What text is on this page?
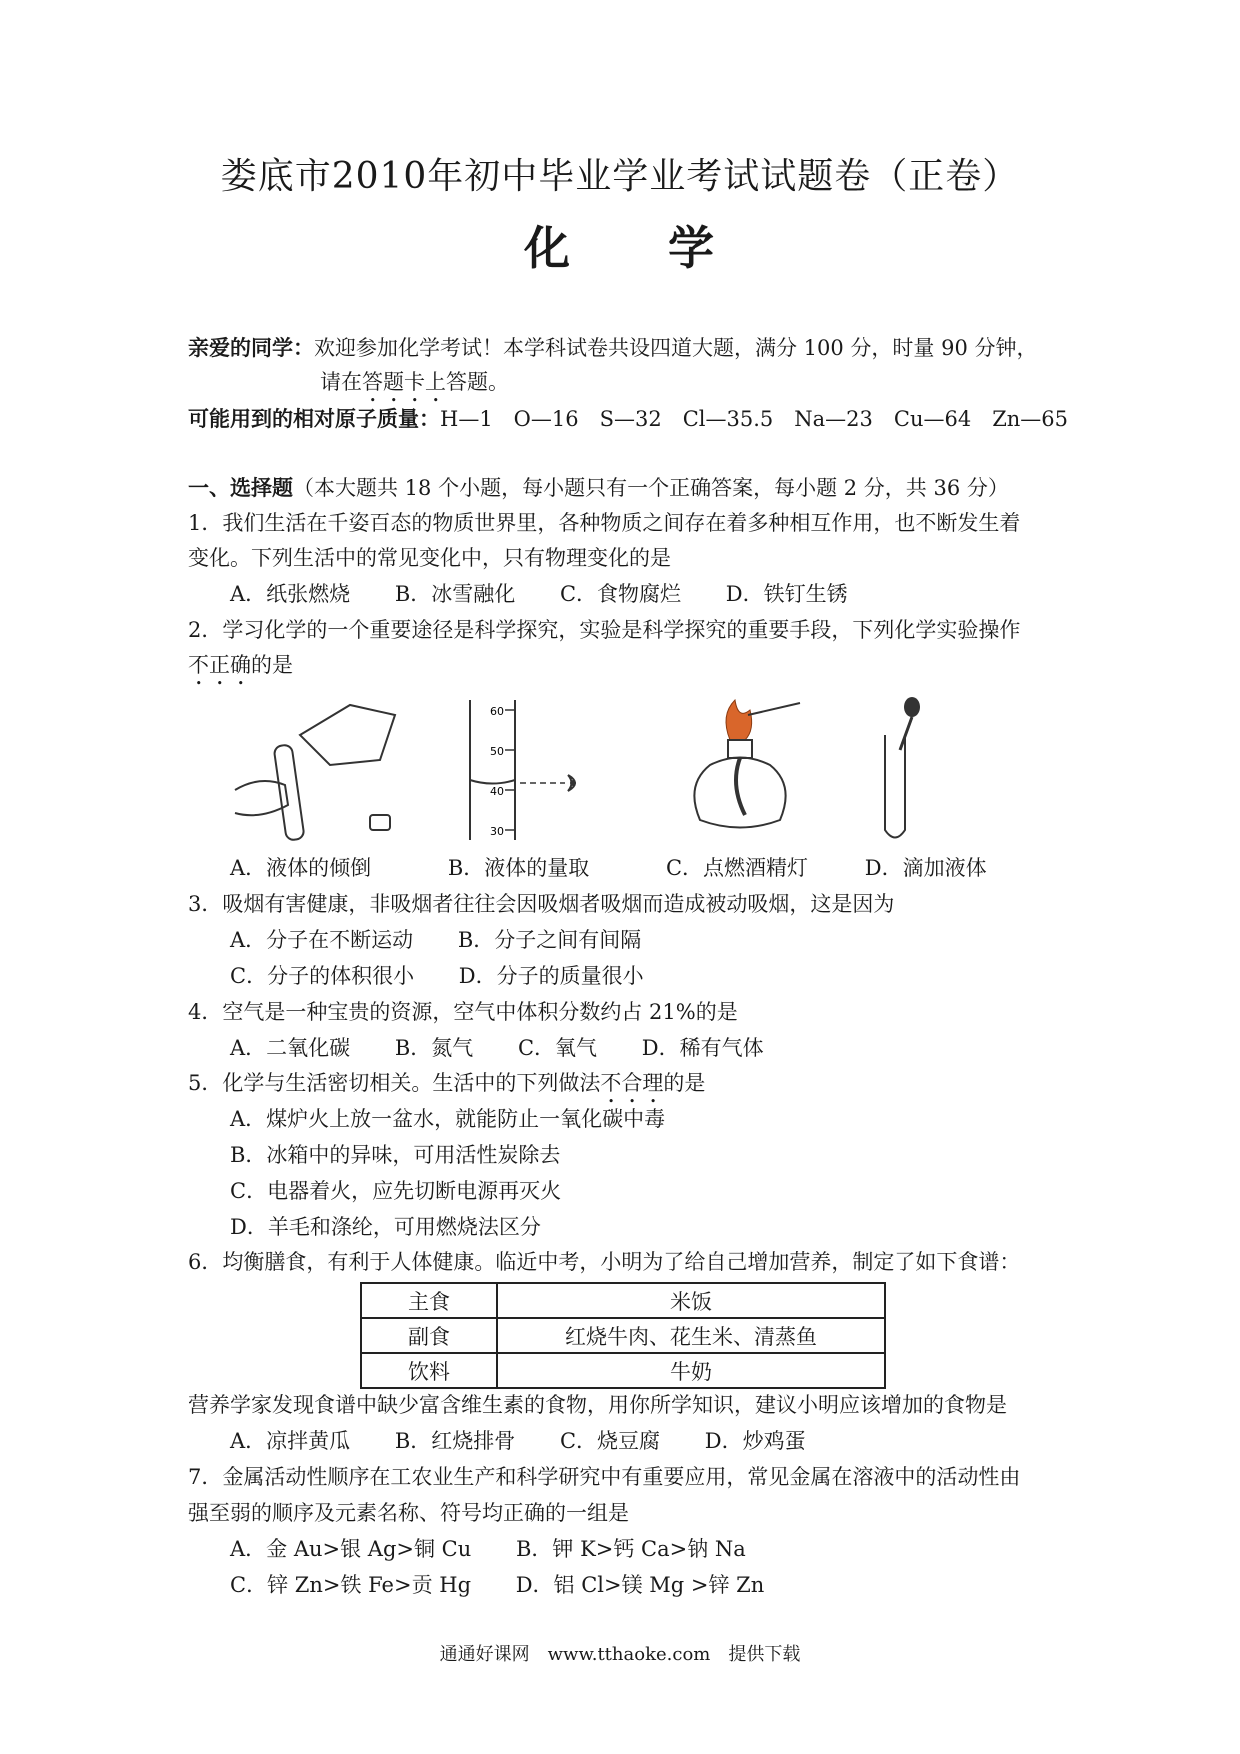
娄底市2010年初中毕业学业考试试题卷（正卷）
化　　学
亲爱的同学：欢迎参加化学考试！本学科试卷共设四道大题，满分 100 分，时量 90 分钟，
请在答题卡上答题。
可能用到的相对原子质量：H—1　O—16　S—32　Cl—35.5　Na—23　Cu—64　Zn—65
一、选择题（本大题共 18 个小题，每小题只有一个正确答案，每小题 2 分，共 36 分）
1．我们生活在千姿百态的物质世界里，各种物质之间存在着多种相互作用，也不断发生着
变化。下列生活中的常见变化中，只有物理变化的是
A．纸张燃烧 B．冰雪融化 C．食物腐烂 D．铁钉生锈
2．学习化学的一个重要途径是科学探究，实验是科学探究的重要手段，下列化学实验操作
不正确的是
60
50
40
30
A．液体的倾倒	B．液体的量取	C．点燃酒精灯	D．滴加液体
3．吸烟有害健康，非吸烟者往往会因吸烟者吸烟而造成被动吸烟，这是因为
A．分子在不断运动 B．分子之间有间隔
C．分子的体积很小 D．分子的质量很小
4．空气是一种宝贵的资源，空气中体积分数约占 21%的是
A．二氧化碳 B．氮气 C．氧气 D．稀有气体
5．化学与生活密切相关。生活中的下列做法不合理的是
A．煤炉火上放一盆水，就能防止一氧化碳中毒
B．冰箱中的异味，可用活性炭除去
C．电器着火，应先切断电源再灭火
D．羊毛和涤纶，可用燃烧法区分
6．均衡膳食，有利于人体健康。临近中考，小明为了给自己增加营养，制定了如下食谱：
主食	米饭
副食	红烧牛肉、花生米、清蒸鱼
饮料	牛奶
营养学家发现食谱中缺少富含维生素的食物，用你所学知识，建议小明应该增加的食物是
A．凉拌黄瓜 B．红烧排骨 C．烧豆腐 D．炒鸡蛋
7．金属活动性顺序在工农业生产和科学研究中有重要应用，常见金属在溶液中的活动性由
强至弱的顺序及元素名称、符号均正确的一组是
A．金 Au>银 Ag>铜 Cu B．钾 K>钙 Ca>钠 Na
C．锌 Zn>铁 Fe>贡 Hg D．铝 Cl>镁 Mg >锌 Zn
通通好课网　www.tthaoke.com　提供下载
